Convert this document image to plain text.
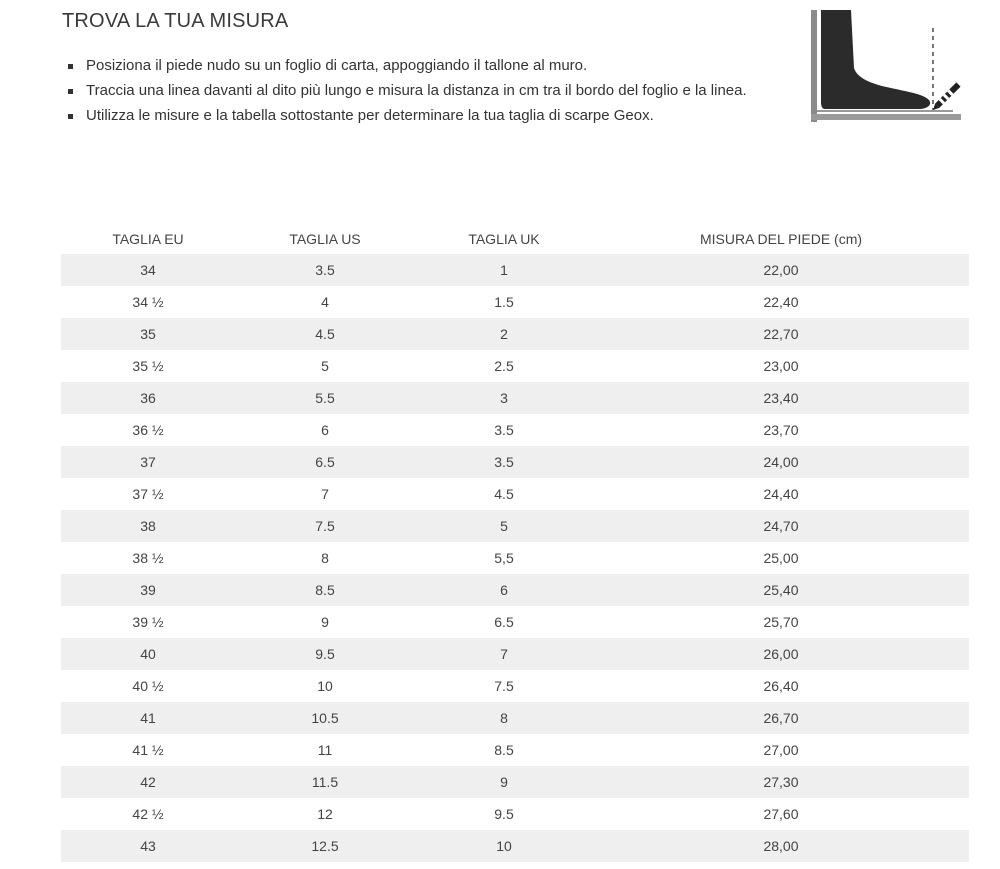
TROVA LA TUA MISURA
Posiziona il piede nudo su un foglio di carta, appoggiando il tallone al muro.
Traccia una linea davanti al dito più lungo e misura la distanza in cm tra il bordo del foglio e la linea.
Utilizza le misure e la tabella sottostante per determinare la tua taglia di scarpe Geox.
TAGLIA EU	TAGLIA US	TAGLIA UK	MISURA DEL PIEDE (cm)
34	3.5	1	22,00
34 ½	4	1.5	22,40
35	4.5	2	22,70
35 ½	5	2.5	23,00
36	5.5	3	23,40
36 ½	6	3.5	23,70
37	6.5	3.5	24,00
37 ½	7	4.5	24,40
38	7.5	5	24,70
38 ½	8	5,5	25,00
39	8.5	6	25,40
39 ½	9	6.5	25,70
40	9.5	7	26,00
40 ½	10	7.5	26,40
41	10.5	8	26,70
41 ½	11	8.5	27,00
42	11.5	9	27,30
42 ½	12	9.5	27,60
43	12.5	10	28,00
